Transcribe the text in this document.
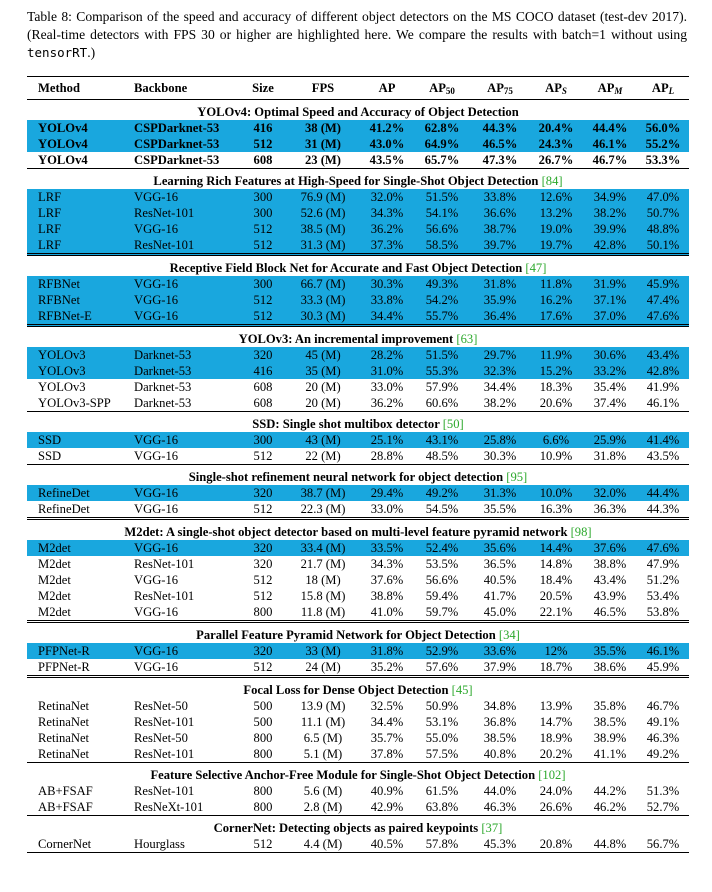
Table 8: Comparison of the speed and accuracy of different object detectors on the MS COCO dataset (test-dev 2017). (Real-time detectors with FPS 30 or higher are highlighted here. We compare the results with batch=1 without using tensorRT.)
Method	Backbone	Size	FPS	AP	$AP_{50}$	$AP_{75}$	$AP_S$	$AP_M$	$AP_L$
YOLOv4: Optimal Speed and Accuracy of Object Detection									
YOLOv4	CSPDarknet-53	416	38 (M)	41.2%	62.8%	44.3%	20.4%	44.4%	56.0%
YOLOv4	CSPDarknet-53	512	31 (M)	43.0%	64.9%	46.5%	24.3%	46.1%	55.2%
YOLOv4	CSPDarknet-53	608	23 (M)	43.5%	65.7%	47.3%	26.7%	46.7%	53.3%
Learning Rich Features at High-Speed for Single-Shot Object Detection [84]									
LRF	VGG-16	300	76.9 (M)	32.0%	51.5%	33.8%	12.6%	34.9%	47.0%
LRF	ResNet-101	300	52.6 (M)	34.3%	54.1%	36.6%	13.2%	38.2%	50.7%
LRF	VGG-16	512	38.5 (M)	36.2%	56.6%	38.7%	19.0%	39.9%	48.8%
LRF	ResNet-101	512	31.3 (M)	37.3%	58.5%	39.7%	19.7%	42.8%	50.1%
Receptive Field Block Net for Accurate and Fast Object Detection [47]									
RFBNet	VGG-16	300	66.7 (M)	30.3%	49.3%	31.8%	11.8%	31.9%	45.9%
RFBNet	VGG-16	512	33.3 (M)	33.8%	54.2%	35.9%	16.2%	37.1%	47.4%
RFBNet-E	VGG-16	512	30.3 (M)	34.4%	55.7%	36.4%	17.6%	37.0%	47.6%
YOLOv3: An incremental improvement [63]									
YOLOv3	Darknet-53	320	45 (M)	28.2%	51.5%	29.7%	11.9%	30.6%	43.4%
YOLOv3	Darknet-53	416	35 (M)	31.0%	55.3%	32.3%	15.2%	33.2%	42.8%
YOLOv3	Darknet-53	608	20 (M)	33.0%	57.9%	34.4%	18.3%	35.4%	41.9%
YOLOv3-SPP	Darknet-53	608	20 (M)	36.2%	60.6%	38.2%	20.6%	37.4%	46.1%
SSD: Single shot multibox detector [50]									
SSD	VGG-16	300	43 (M)	25.1%	43.1%	25.8%	6.6%	25.9%	41.4%
SSD	VGG-16	512	22 (M)	28.8%	48.5%	30.3%	10.9%	31.8%	43.5%
Single-shot refinement neural network for object detection [95]									
RefineDet	VGG-16	320	38.7 (M)	29.4%	49.2%	31.3%	10.0%	32.0%	44.4%
RefineDet	VGG-16	512	22.3 (M)	33.0%	54.5%	35.5%	16.3%	36.3%	44.3%
M2det: A single-shot object detector based on multi-level feature pyramid network [98]									
M2det	VGG-16	320	33.4 (M)	33.5%	52.4%	35.6%	14.4%	37.6%	47.6%
M2det	ResNet-101	320	21.7 (M)	34.3%	53.5%	36.5%	14.8%	38.8%	47.9%
M2det	VGG-16	512	18 (M)	37.6%	56.6%	40.5%	18.4%	43.4%	51.2%
M2det	ResNet-101	512	15.8 (M)	38.8%	59.4%	41.7%	20.5%	43.9%	53.4%
M2det	VGG-16	800	11.8 (M)	41.0%	59.7%	45.0%	22.1%	46.5%	53.8%
Parallel Feature Pyramid Network for Object Detection [34]									
PFPNet-R	VGG-16	320	33 (M)	31.8%	52.9%	33.6%	12%	35.5%	46.1%
PFPNet-R	VGG-16	512	24 (M)	35.2%	57.6%	37.9%	18.7%	38.6%	45.9%
Focal Loss for Dense Object Detection [45]									
RetinaNet	ResNet-50	500	13.9 (M)	32.5%	50.9%	34.8%	13.9%	35.8%	46.7%
RetinaNet	ResNet-101	500	11.1 (M)	34.4%	53.1%	36.8%	14.7%	38.5%	49.1%
RetinaNet	ResNet-50	800	6.5 (M)	35.7%	55.0%	38.5%	18.9%	38.9%	46.3%
RetinaNet	ResNet-101	800	5.1 (M)	37.8%	57.5%	40.8%	20.2%	41.1%	49.2%
Feature Selective Anchor-Free Module for Single-Shot Object Detection [102]									
AB+FSAF	ResNet-101	800	5.6 (M)	40.9%	61.5%	44.0%	24.0%	44.2%	51.3%
AB+FSAF	ResNeXt-101	800	2.8 (M)	42.9%	63.8%	46.3%	26.6%	46.2%	52.7%
CornerNet: Detecting objects as paired keypoints [37]									
CornerNet	Hourglass	512	4.4 (M)	40.5%	57.8%	45.3%	20.8%	44.8%	56.7%
